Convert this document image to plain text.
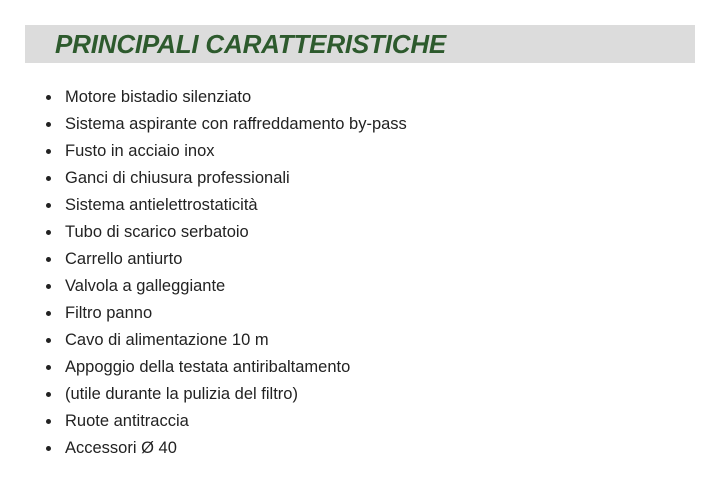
PRINCIPALI CARATTERISTICHE
Motore bistadio silenziato
Sistema aspirante con raffreddamento by-pass
Fusto in acciaio inox
Ganci di chiusura professionali
Sistema antielettrostaticità
Tubo di scarico serbatoio
Carrello antiurto
Valvola a galleggiante
Filtro panno
Cavo di alimentazione 10 m
Appoggio della testata antiribaltamento
(utile durante la pulizia del filtro)
Ruote antitraccia
Accessori Ø 40
